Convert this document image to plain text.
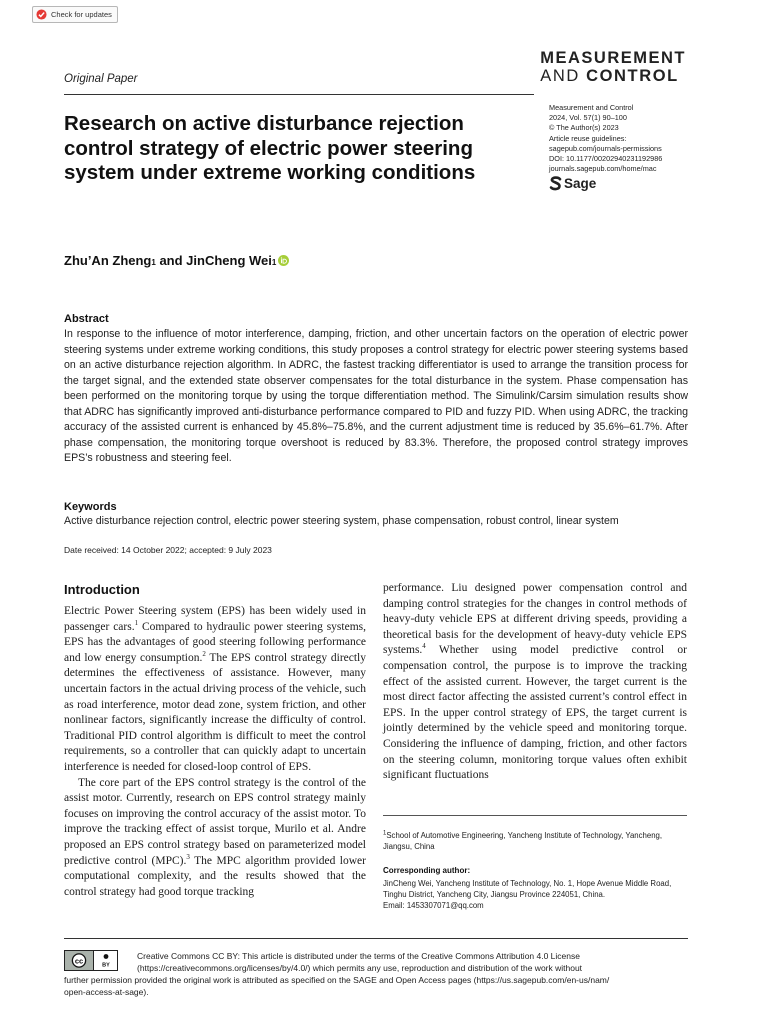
Check for updates
MEASUREMENT
AND CONTROL
Original Paper
Measurement and Control
2024, Vol. 57(1) 90–100
© The Author(s) 2023
Article reuse guidelines:
sagepub.com/journals-permissions
DOI: 10.1177/00202940231192986
journals.sagepub.com/home/mac
Sage
Research on active disturbance rejection control strategy of electric power steering system under extreme working conditions
Zhu’An Zheng 1 and JinCheng Wei 1
Abstract

In response to the influence of motor interference, damping, friction, and other uncertain factors on the operation of electric power steering systems under extreme working conditions, this study proposes a control strategy for electric power steering systems based on an active disturbance rejection algorithm. In ADRC, the fastest tracking differentiator is used to arrange the transition process for the target signal, and the extended state observer compensates for the total disturbance in the system. Phase compensation has been performed on the monitoring torque by using the torque differentiation method. The Simulink/Carsim simulation results show that ADRC has significantly improved anti-disturbance performance compared to PID and fuzzy PID. When using ADRC, the tracking accuracy of the assisted current is enhanced by 45.8%–75.8%, and the current adjustment time is reduced by 35.6%–61.7%. After phase compensation, the monitoring torque overshoot is reduced by 83.3%. Therefore, the proposed control strategy improves EPS’s robustness and steering feel.

Keywords
Active disturbance rejection control, electric power steering system, phase compensation, robust control, linear system
Date received: 14 October 2022; accepted: 9 July 2023
Introduction

Electric Power Steering system (EPS) has been widely used in passenger cars.$^1$ Compared to hydraulic power steering systems, EPS has the advantages of good steering following performance and low energy consumption.$^2$ The EPS control strategy directly determines the effectiveness of assistance. However, many uncertain factors in the actual driving process of the vehicle, such as road interference, motor dead zone, system friction, and other nonlinear factors, significantly increase the difficulty of control. Traditional PID control algorithm is difficult to meet the control requirements, so a controller that can quickly adapt to uncertain interference is needed for closed-loop control of EPS.

The core part of the EPS control strategy is the control of the assist motor. Currently, research on EPS control strategy mainly focuses on improving the control accuracy of the assist motor. To improve the tracking effect of assist torque, Murilo et al. Andre proposed an EPS control strategy based on parameterized model predictive control (MPC).$^3$ The MPC algorithm provided lower computational complexity, and the results showed that the control strategy had good torque tracking

performance. Liu designed power compensation control and damping control strategies for the changes in control methods of heavy-duty vehicle EPS at different driving speeds, providing a theoretical basis for the development of heavy-duty vehicle EPS systems.$^4$ Whether using model predictive control or compensation control, the purpose is to improve the tracking effect of the assisted current. However, the target current is the most direct factor affecting the assisted current’s control effect in EPS. In the upper control strategy of EPS, the target current is jointly determined by the vehicle speed and monitoring torque. Considering the influence of damping, friction, and other factors on the steering column, monitoring torque values often exhibit significant fluctuations

$^1$School of Automotive Engineering, Yancheng Institute of Technology, Yancheng, Jiangsu, China
Corresponding author:
JinCheng Wei, Yancheng Institute of Technology, No. 1, Hope Avenue Middle Road, Tinghu District, Yancheng City, Jiangsu Province 224051, China.
Email: 1453307071@qq.com
cc	BY
Creative Commons CC BY: This article is distributed under the terms of the Creative Commons Attribution 4.0 License
(https://creativecommons.org/licenses/by/4.0/) which permits any use, reproduction and distribution of the work without
further permission provided the original work is attributed as specified on the SAGE and Open Access pages (https://us.sagepub.com/en-us/nam/
open-access-at-sage).
